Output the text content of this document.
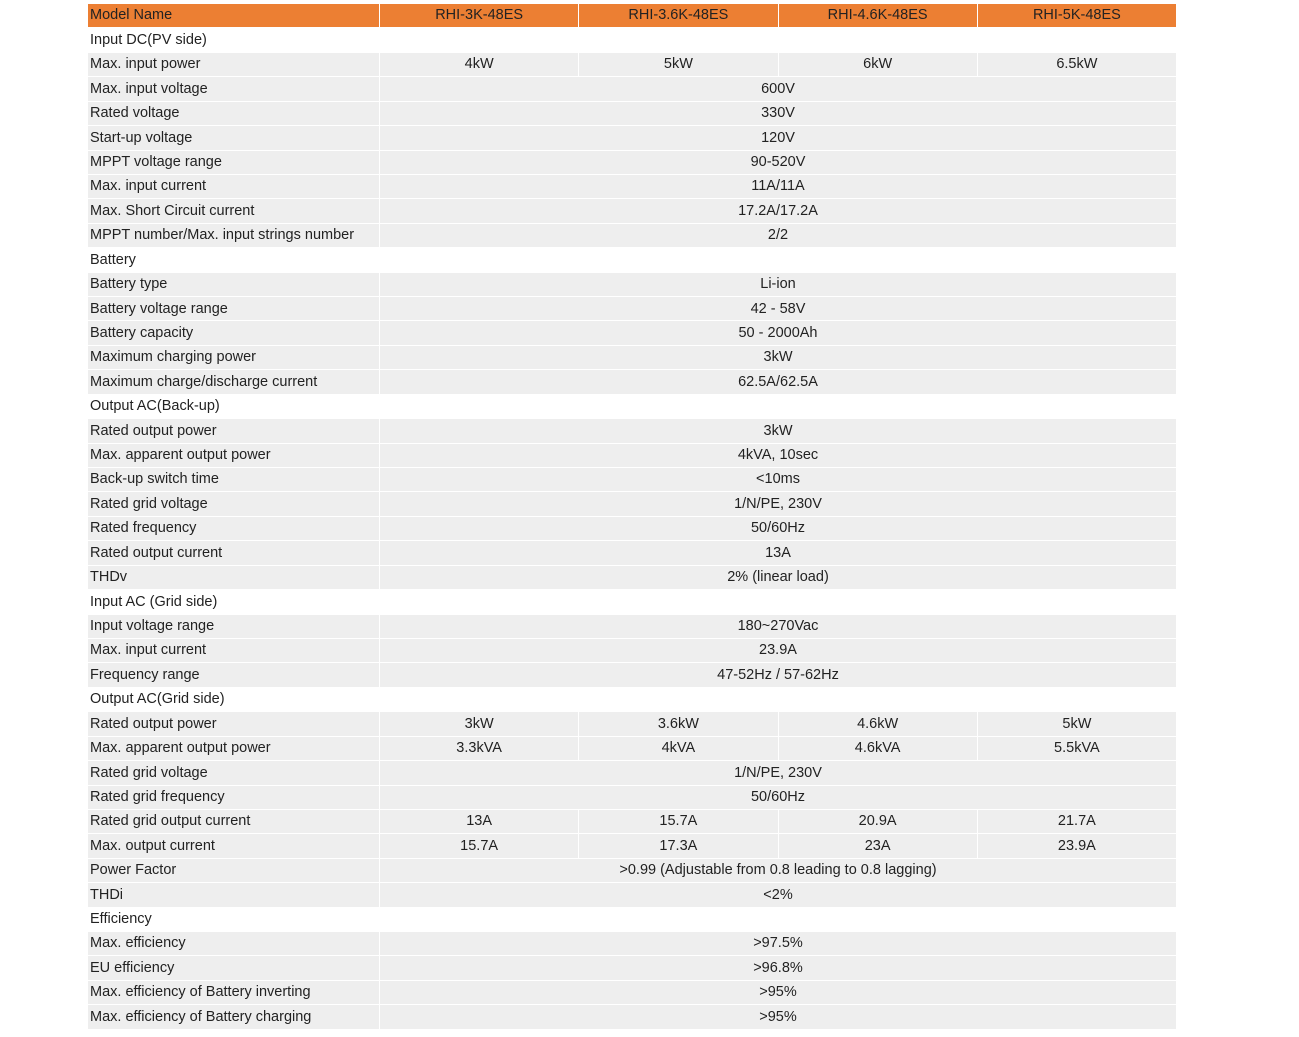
Model Name	RHI-3K-48ES	RHI-3.6K-48ES	RHI-4.6K-48ES	RHI-5K-48ES
Input DC(PV side)				
Max. input power	4kW	5kW	6kW	6.5kW
Max. input voltage	600V			
Rated voltage	330V			
Start-up voltage	120V			
MPPT voltage range	90-520V			
Max. input current	11A/11A			
Max. Short Circuit current	17.2A/17.2A			
MPPT number/Max. input strings number	2/2			
Battery				
Battery type	Li-ion			
Battery voltage range	42 - 58V			
Battery capacity	50 - 2000Ah			
Maximum charging power	3kW			
Maximum charge/discharge current	62.5A/62.5A			
Output AC(Back-up)				
Rated output power	3kW			
Max. apparent output power	4kVA, 10sec			
Back-up switch time	<10ms			
Rated grid voltage	1/N/PE, 230V			
Rated frequency	50/60Hz			
Rated output current	13A			
THDv	2% (linear load)			
Input AC (Grid side)				
Input voltage range	180~270Vac			
Max. input current	23.9A			
Frequency range	47-52Hz / 57-62Hz			
Output AC(Grid side)				
Rated output power	3kW	3.6kW	4.6kW	5kW
Max. apparent output power	3.3kVA	4kVA	4.6kVA	5.5kVA
Rated grid voltage	1/N/PE, 230V			
Rated grid frequency	50/60Hz			
Rated grid output current	13A	15.7A	20.9A	21.7A
Max. output current	15.7A	17.3A	23A	23.9A
Power Factor	>0.99 (Adjustable from 0.8 leading to 0.8 lagging)			
THDi	<2%			
Efficiency				
Max. efficiency	>97.5%			
EU efficiency	>96.8%			
Max. efficiency of Battery inverting	>95%			
Max. efficiency of Battery charging	>95%			
